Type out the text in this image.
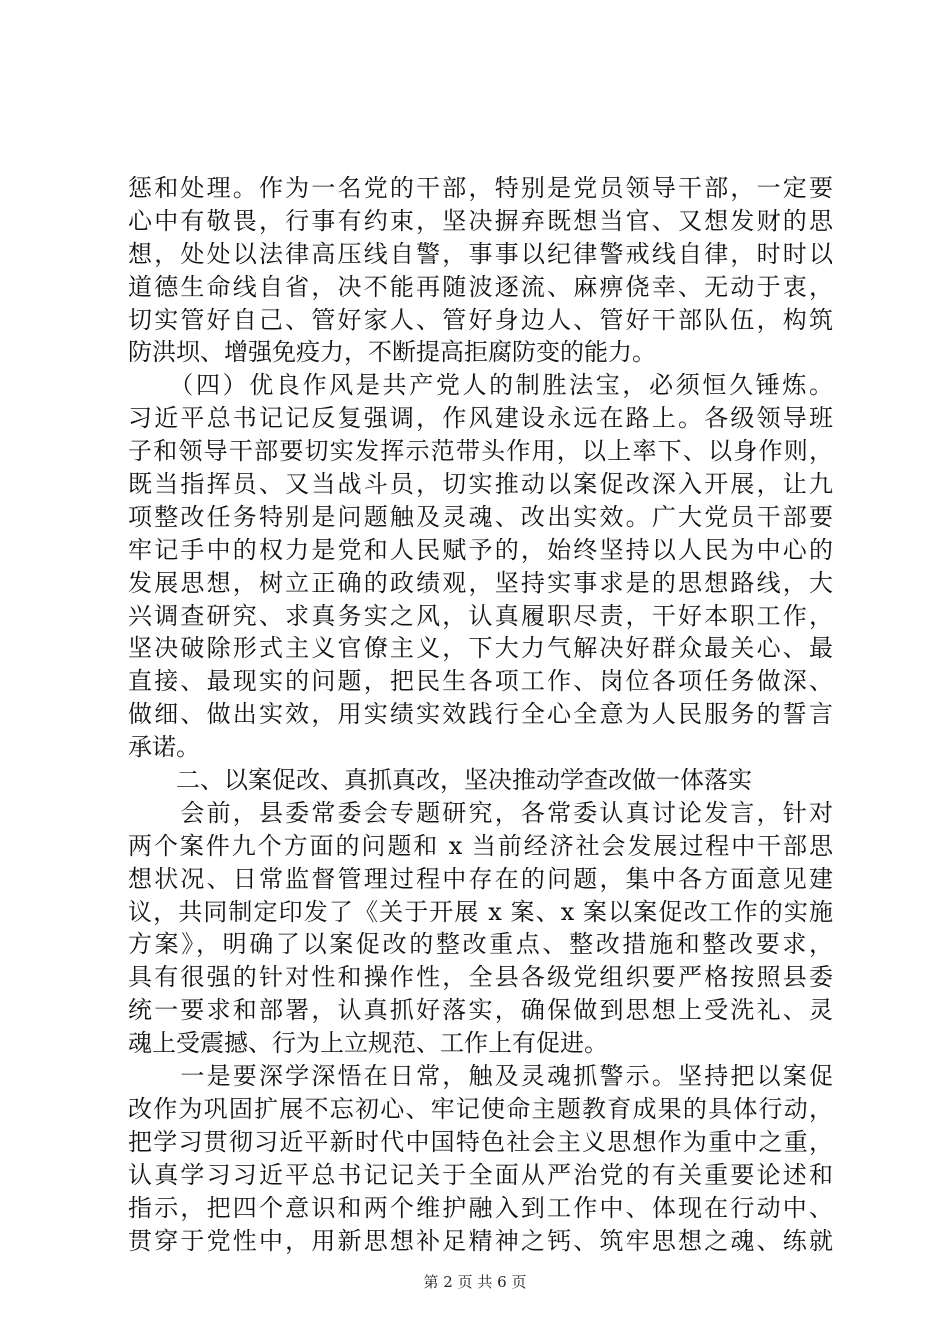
惩和处理。作为一名党的干部，特别是党员领导干部，一定要
心中有敬畏，行事有约束，坚决摒弃既想当官、又想发财的思
想，处处以法律高压线自警，事事以纪律警戒线自律，时时以
道德生命线自省，决不能再随波逐流、麻痹侥幸、无动于衷，
切实管好自己、管好家人、管好身边人、管好干部队伍，构筑
防洪坝、增强免疫力，不断提高拒腐防变的能力。
　　（四）优良作风是共产党人的制胜法宝，必须恒久锤炼。
习近平总书记记反复强调，作风建设永远在路上。各级领导班
子和领导干部要切实发挥示范带头作用，以上率下、以身作则，
既当指挥员、又当战斗员，切实推动以案促改深入开展，让九
项整改任务特别是问题触及灵魂、改出实效。广大党员干部要
牢记手中的权力是党和人民赋予的，始终坚持以人民为中心的
发展思想，树立正确的政绩观，坚持实事求是的思想路线，大
兴调查研究、求真务实之风，认真履职尽责，干好本职工作，
坚决破除形式主义官僚主义，下大力气解决好群众最关心、最
直接、最现实的问题，把民生各项工作、岗位各项任务做深、
做细、做出实效，用实绩实效践行全心全意为人民服务的誓言
承诺。
　　二、以案促改、真抓真改，坚决推动学查改做一体落实
　　会前，县委常委会专题研究，各常委认真讨论发言，针对
两个案件九个方面的问题和 x 当前经济社会发展过程中干部思
想状况、日常监督管理过程中存在的问题，集中各方面意见建
议，共同制定印发了《关于开展 x 案、x 案以案促改工作的实施
方案》，明确了以案促改的整改重点、整改措施和整改要求，
具有很强的针对性和操作性，全县各级党组织要严格按照县委
统一要求和部署，认真抓好落实，确保做到思想上受洗礼、灵
魂上受震撼、行为上立规范、工作上有促进。
　　一是要深学深悟在日常，触及灵魂抓警示。坚持把以案促
改作为巩固扩展不忘初心、牢记使命主题教育成果的具体行动，
把学习贯彻习近平新时代中国特色社会主义思想作为重中之重，
认真学习习近平总书记记关于全面从严治党的有关重要论述和
指示，把四个意识和两个维护融入到工作中、体现在行动中、
贯穿于党性中，用新思想补足精神之钙、筑牢思想之魂、练就
第 2 页 共 6 页
